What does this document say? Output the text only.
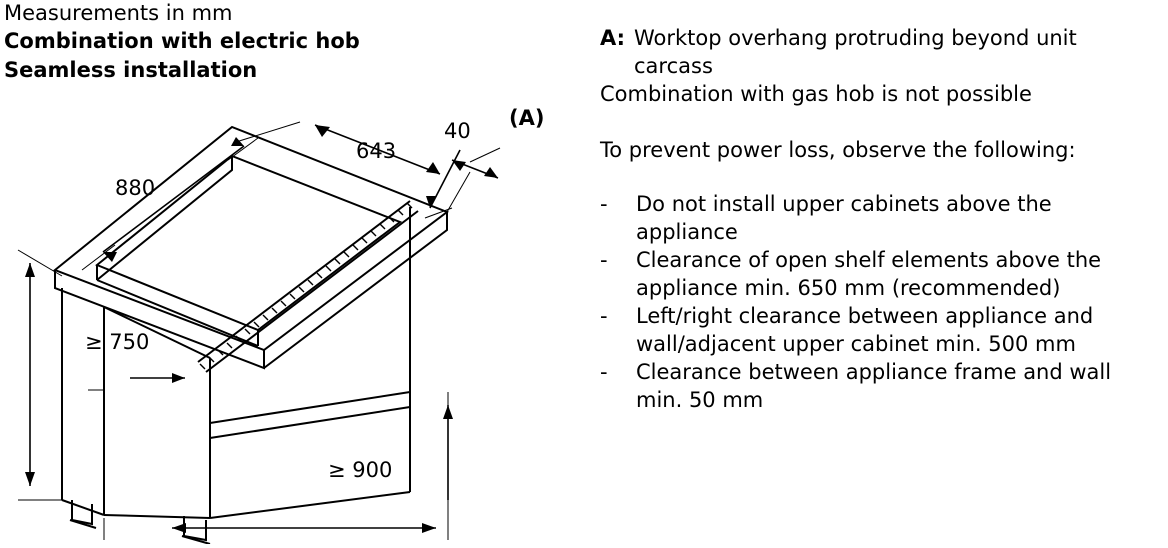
Measurements in mm
Combination with electric hob
Seamless installation
A: Worktop overhang protruding beyond unit carcass
Combination with gas hob is not possible
To prevent power loss, observe the following:
- Do not install upper cabinets above the appliance
- Clearance of open shelf elements above the appliance min. 650 mm (recommended)
- Left/right clearance between appliance and wall/adjacent upper cabinet min. 500 mm
- Clearance between appliance frame and wall min. 50 mm
880
643
40
(A)
≥ 750
≥ 900
